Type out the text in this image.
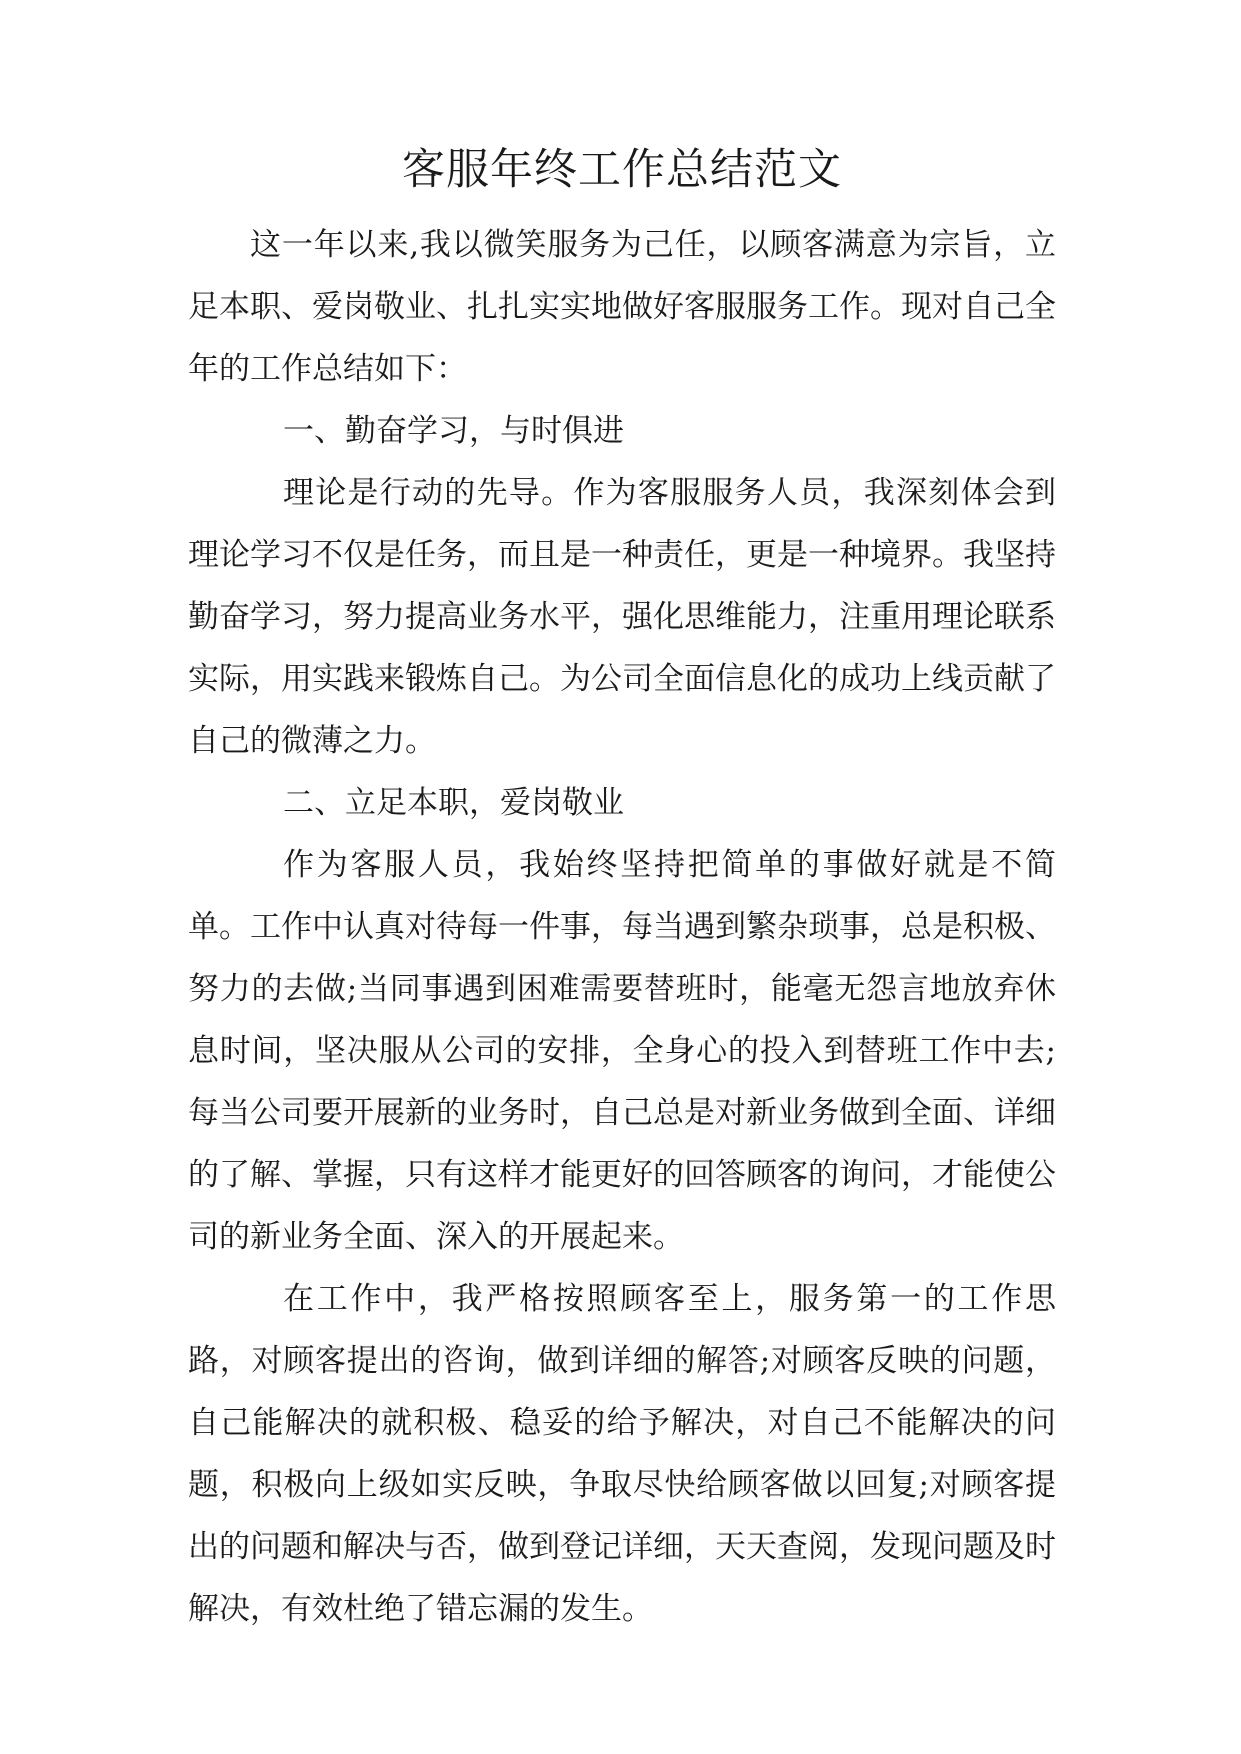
客服年终工作总结范文

这一年以来,我以微笑服务为己任，以顾客满意为宗旨，立足本职、爱岗敬业、扎扎实实地做好客服服务工作。现对自己全年的工作总结如下：

一、勤奋学习，与时俱进

理论是行动的先导。作为客服服务人员，我深刻体会到理论学习不仅是任务，而且是一种责任，更是一种境界。我坚持勤奋学习，努力提高业务水平，强化思维能力，注重用理论联系实际，用实践来锻炼自己。为公司全面信息化的成功上线贡献了自己的微薄之力。

二、立足本职，爱岗敬业

作为客服人员，我始终坚持把简单的事做好就是不简单。工作中认真对待每一件事，每当遇到繁杂琐事，总是积极、努力的去做;当同事遇到困难需要替班时，能毫无怨言地放弃休息时间，坚决服从公司的安排，全身心的投入到替班工作中去;每当公司要开展新的业务时，自己总是对新业务做到全面、详细的了解、掌握，只有这样才能更好的回答顾客的询问，才能使公司的新业务全面、深入的开展起来。

在工作中，我严格按照顾客至上，服务第一的工作思路，对顾客提出的咨询，做到详细的解答;对顾客反映的问题，自己能解决的就积极、稳妥的给予解决，对自己不能解决的问题，积极向上级如实反映，争取尽快给顾客做以回复;对顾客提出的问题和解决与否，做到登记详细，天天查阅，发现问题及时解决，有效杜绝了错忘漏的发生。
